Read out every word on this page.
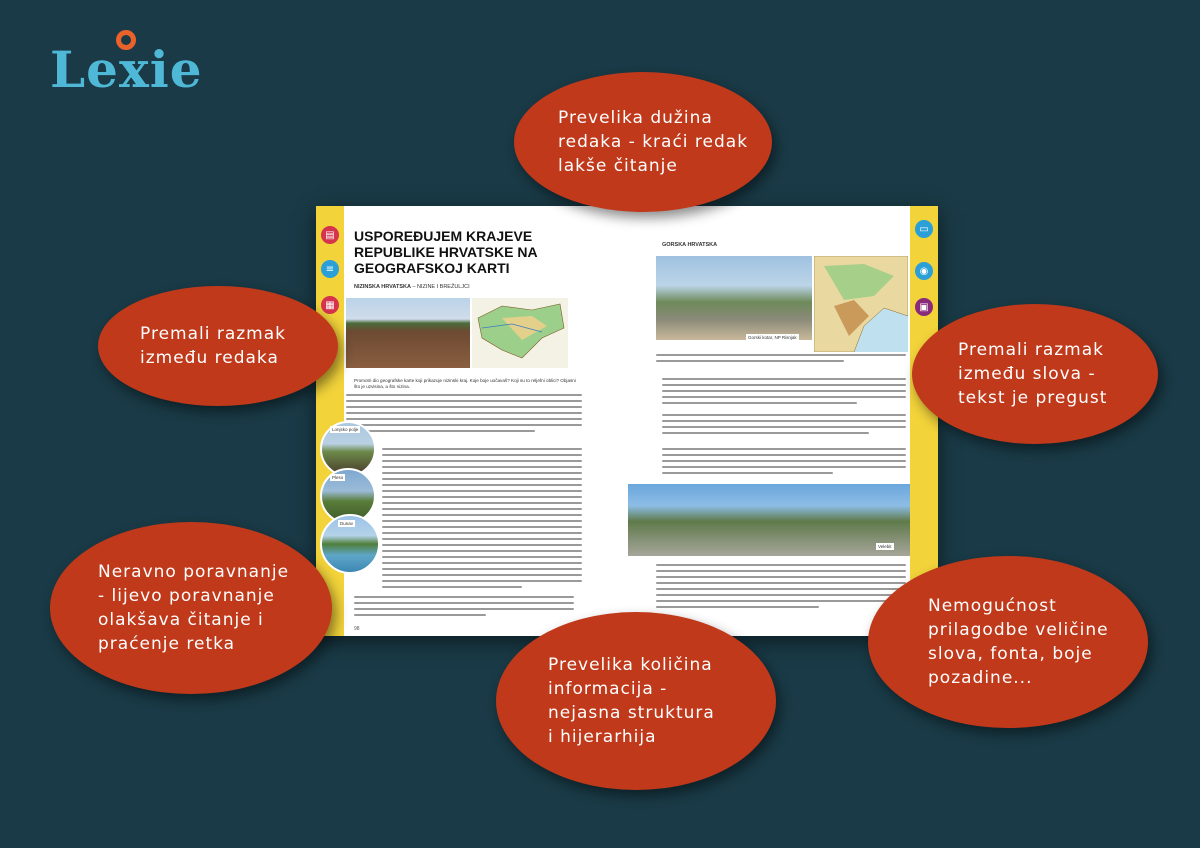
Lexie
▤
≡
▦
▭
◉
▣
USPOREĐUJEM KRAJEVE REPUBLIKE HRVATSKE NA GEOGRAFSKOJ KARTI
NIZINSKA HRVATSKA – NIZINE I BREŽULJCI
Promotri dio geografske karte koji prikazuje nizinski kraj. Koje boje uočavaš? Koji su to reljefni oblici? Objasni što je uzvisina, a što nizina.
Lonjsko polje
Pleso
Dunav
98
GORSKA HRVATSKA
Gorski kotar, NP Risnjak
Velebit
Prevelika dužina
redaka - kraći redak
lakše čitanje
Premali razmak
između redaka	Premali razmak
između slova -
tekst je pregust
Neravno poravnanje
- lijevo poravnanje
olakšava čitanje i
praćenje retka
Prevelika količina
informacija -
nejasna struktura
i hijerarhija
Nemogućnost
prilagodbe veličine
slova, fonta, boje
pozadine...
